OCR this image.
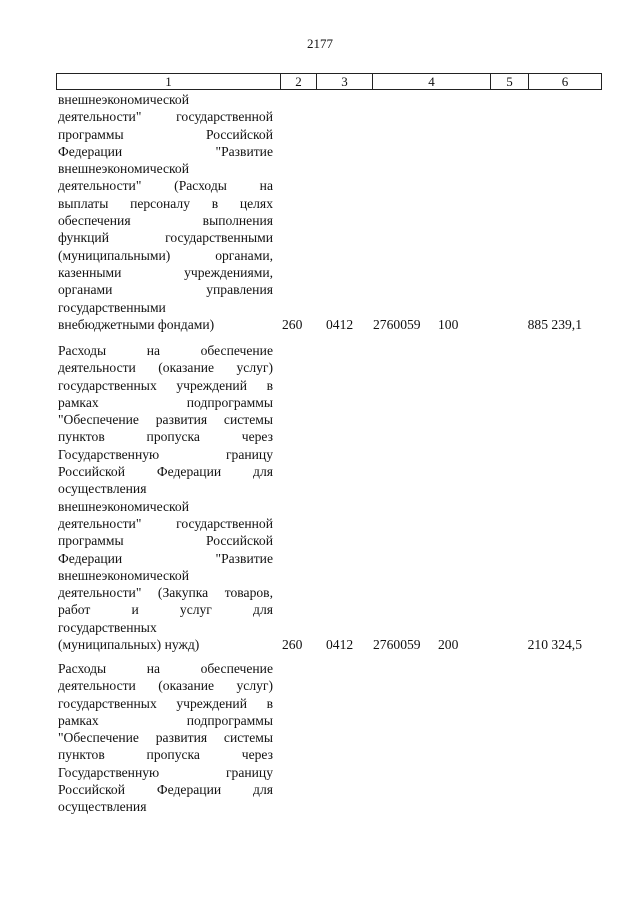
2177
1	2	3	4	5	6
внешнеэкономической
деятельности" государственной
программы Российской
Федерации "Развитие
внешнеэкономической
деятельности" (Расходы на
выплаты персоналу в целях
обеспечения выполнения
функций государственными
(муниципальными) органами,
казенными учреждениями,
органами управления
государственными
внебюджетными фондами)	260 0412 2760059 100	885 239,1
Расходы на обеспечение
деятельности (оказание услуг)
государственных учреждений в
рамках подпрограммы
"Обеспечение развития системы
пунктов пропуска через
Государственную границу
Российской Федерации для
осуществления
внешнеэкономической
деятельности" государственной
программы Российской
Федерации "Развитие
внешнеэкономической
деятельности" (Закупка товаров,
работ и услуг для
государственных
(муниципальных) нужд)	260 0412 2760059 200	210 324,5
Расходы на обеспечение
деятельности (оказание услуг)
государственных учреждений в
рамках подпрограммы
"Обеспечение развития системы
пунктов пропуска через
Государственную границу
Российской Федерации для
осуществления
